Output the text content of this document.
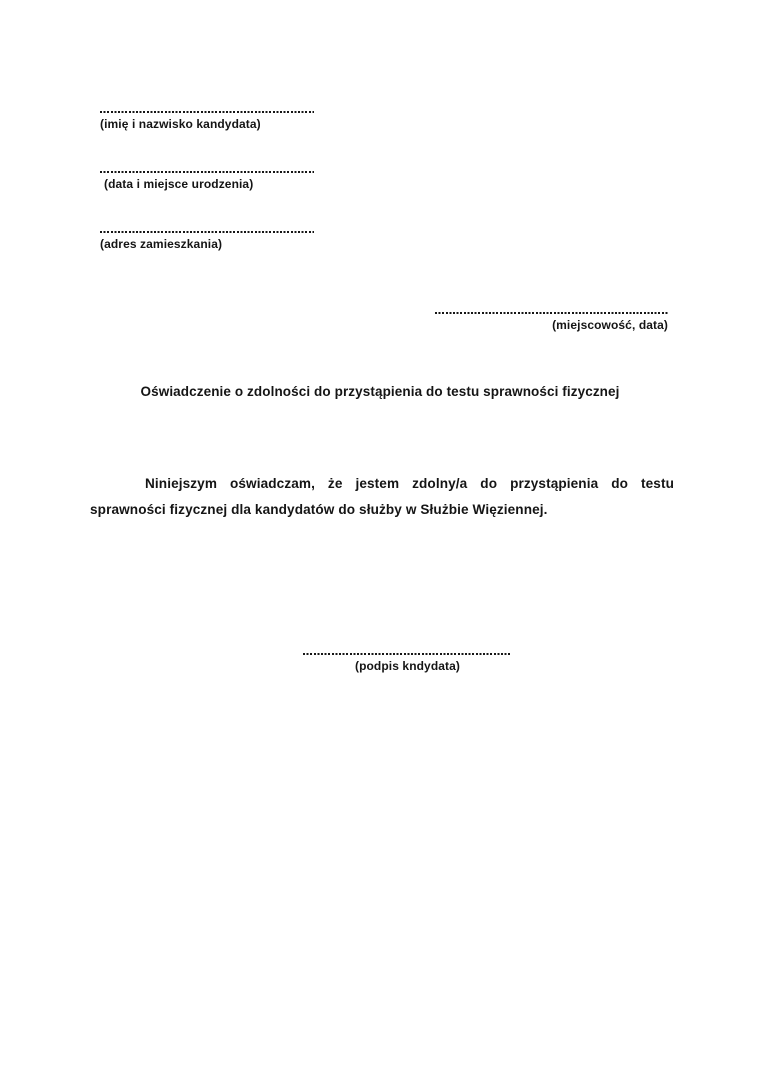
(imię i nazwisko kandydata)
(data i miejsce urodzenia)
(adres zamieszkania)
(miejscowość, data)
Oświadczenie o zdolności do przystąpienia do testu sprawności fizycznej
Niniejszym oświadczam, że jestem zdolny/a do przystąpienia do testu sprawności fizycznej dla kandydatów do służby w Służbie Więziennej.
(podpis kndydata)
